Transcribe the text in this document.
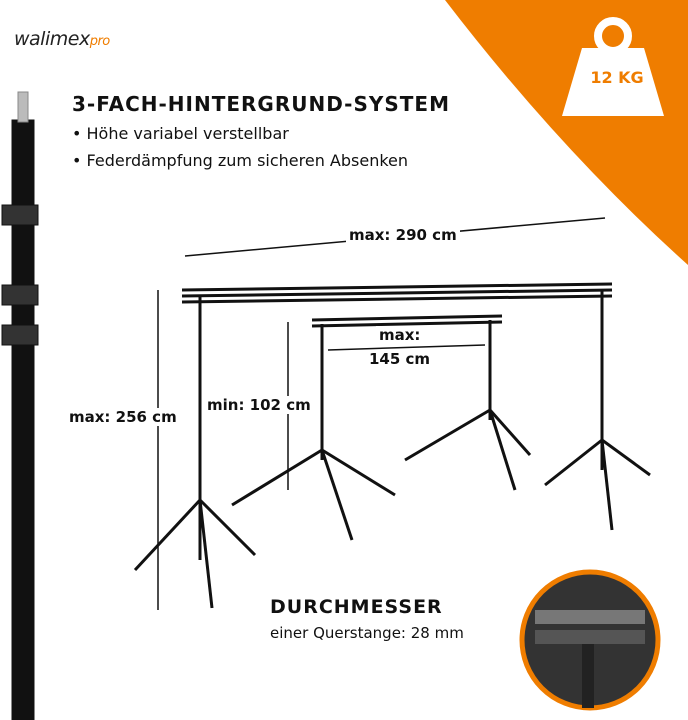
walimexpro
12 KG
3-FACH-HINTERGRUND-SYSTEM
• Höhe variabel verstellbar
• Federdämpfung zum sicheren Absenken
max: 290 cm
max:
145 cm
max: 256 cm
min: 102 cm
DURCHMESSER
einer Querstange: 28 mm
